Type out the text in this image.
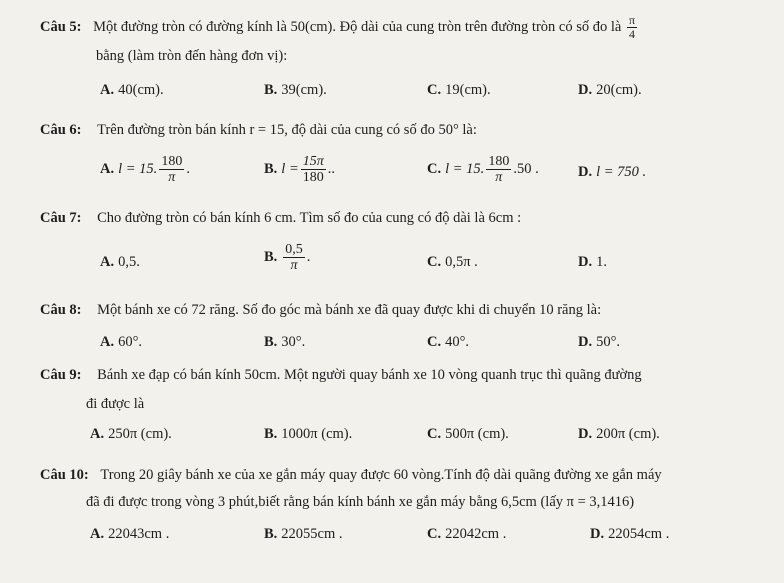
Câu 5: Một đường tròn có đường kính là 50(cm). Độ dài của cung tròn trên đường tròn có số đo là $\frac{\pi}{4}$
bằng (làm tròn đến hàng đơn vị):
A. 40(cm).	B. 39(cm).	C. 19(cm).	D. 20(cm).
Câu 6: Trên đường tròn bán kính r = 15, độ dài của cung có số đo 50° là:
A. l = 15. $\frac{180}{\pi}$ .	B. $l = \frac{15\pi}{180}$ ..	C. l = 15. $\frac{180}{\pi} .50$ .	D. l = 750 .
Câu 7: Cho đường tròn có bán kính 6 cm. Tìm số đo của cung có độ dài là 6cm :
A. 0,5.	B. $\frac{0,5}{\pi}$ .	C. 0,5π .	D. 1.
Câu 8: Một bánh xe có 72 răng. Số đo góc mà bánh xe đã quay được khi di chuyển 10 răng là:
A. 60°.	B. 30°.	C. 40°.	D. 50°.
Câu 9: Bánh xe đạp có bán kính 50cm. Một người quay bánh xe 10 vòng quanh trục thì quãng đường
đi được là
A. 250π (cm).	B. 1000π (cm).	C. 500π (cm).	D. 200π (cm).
Câu 10: Trong 20 giây bánh xe của xe gắn máy quay được 60 vòng.Tính độ dài quãng đường xe gắn máy
đã đi được trong vòng 3 phút,biết rằng bán kính bánh xe gắn máy bằng 6,5cm (lấy π = 3,1416)
A. 22043cm .	B. 22055cm .	C. 22042cm .	D. 22054cm .
